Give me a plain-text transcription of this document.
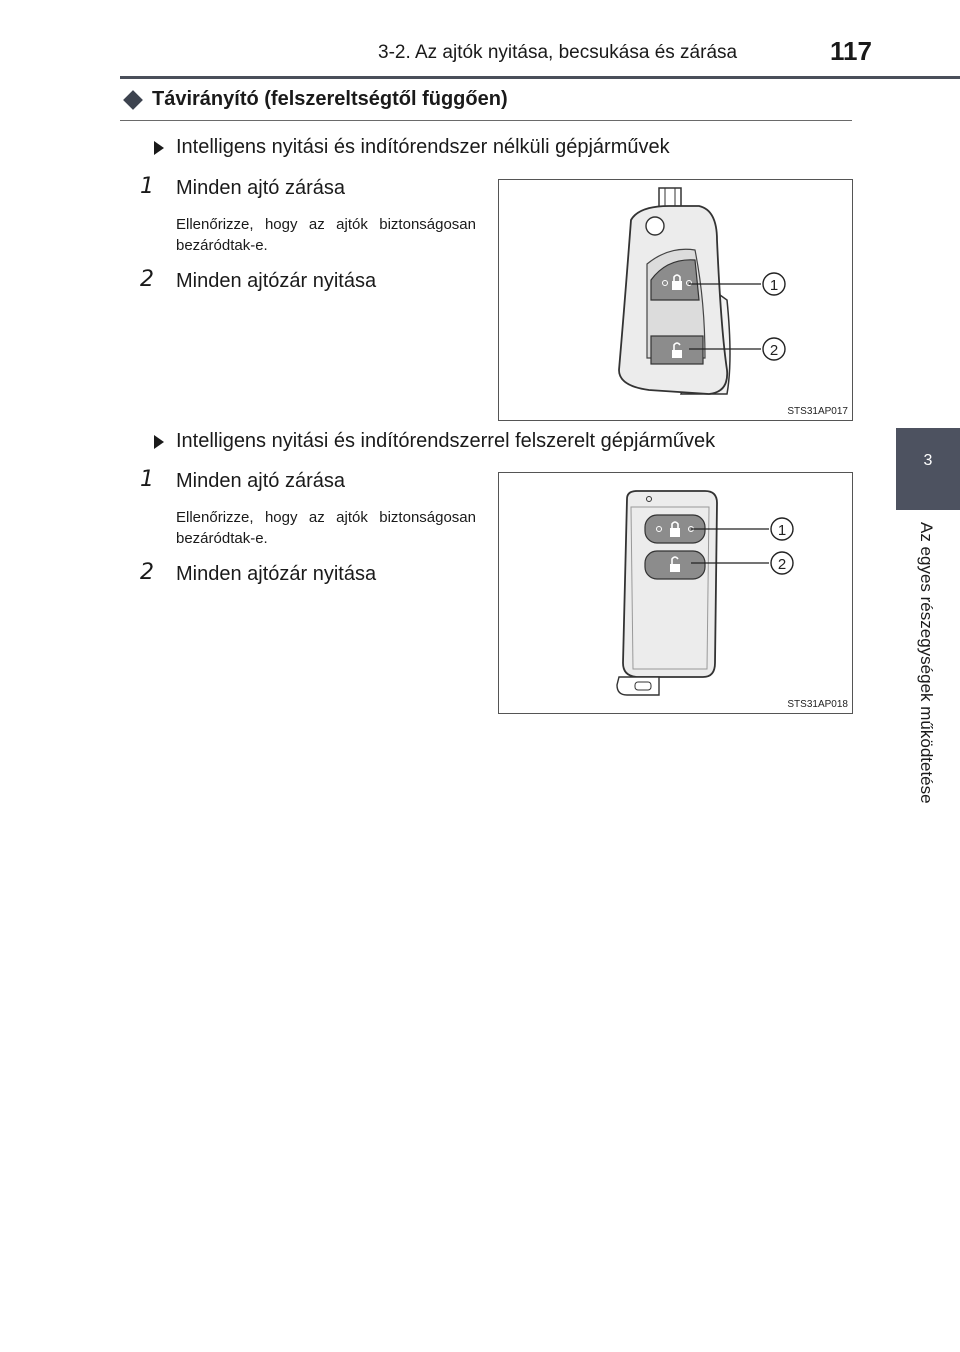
3-2. Az ajtók nyitása, becsukása és zárása	117
3
Az egyes részegységek működtetése
Távirányító (felszereltségtől függően)
Intelligens nyitási és indítórendszer nélküli gépjárművek
1	Minden ajtó zárása
Ellenőrizze, hogy az ajtók biztonságosan bezáródtak-e.
2	Minden ajtózár nyitása	1
2
STS31AP017
Intelligens nyitási és indítórendszerrel felszerelt gépjárművek
1	Minden ajtó zárása
Ellenőrizze, hogy az ajtók biztonságosan bezáródtak-e.
2	Minden ajtózár nyitása
1
2
STS31AP018
